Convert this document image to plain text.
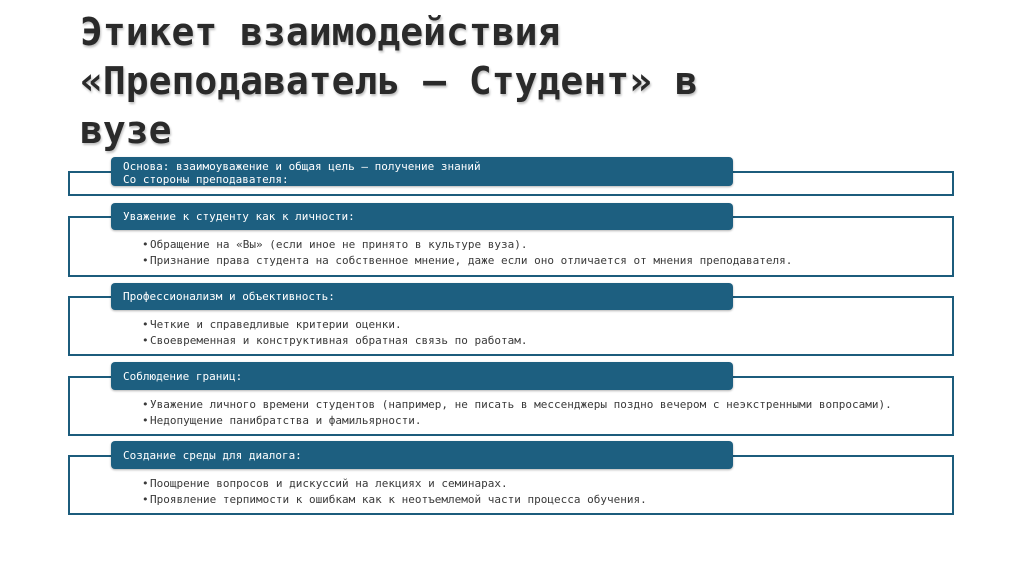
Этикет взаимодействия
«Преподаватель – Студент» в
вузе
Основа: взаимоуважение и общая цель — получение знаний
Со стороны преподавателя:
• Обращение на «Вы» (если иное не принято в культуре вуза).
• Признание права студента на собственное мнение, даже если оно отличается от мнения преподавателя.
Уважение к студенту как к личности:
• Четкие и справедливые критерии оценки.
• Своевременная и конструктивная обратная связь по работам.
Профессионализм и объективность:
• Уважение личного времени студентов (например, не писать в мессенджеры поздно вечером с неэкстренными вопросами).
• Недопущение панибратства и фамильярности.
Соблюдение границ:
• Поощрение вопросов и дискуссий на лекциях и семинарах.
• Проявление терпимости к ошибкам как к неотъемлемой части процесса обучения.
Создание среды для диалога:
